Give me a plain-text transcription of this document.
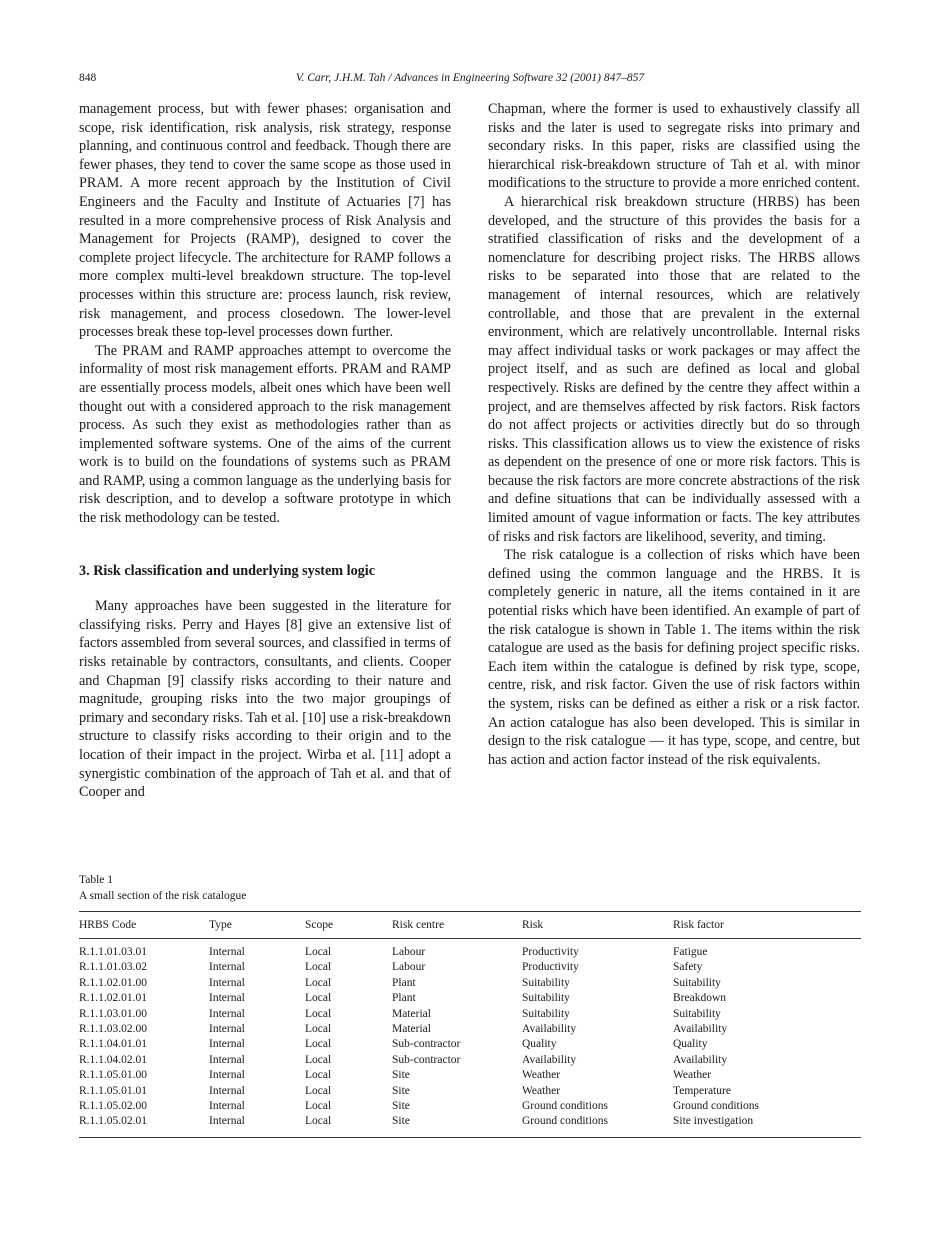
848	V. Carr, J.H.M. Tah / Advances in Engineering Software 32 (2001) 847–857

management process, but with fewer phases: organisation and scope, risk identification, risk analysis, risk strategy, response planning, and continuous control and feedback. Though there are fewer phases, they tend to cover the same scope as those used in PRAM. A more recent approach by the Institution of Civil Engineers and the Faculty and Institute of Actuaries [7] has resulted in a more comprehensive process of Risk Analysis and Management for Projects (RAMP), designed to cover the complete project lifecycle. The architecture for RAMP follows a more complex multi-level breakdown structure. The top-level processes within this structure are: process launch, risk review, risk management, and process closedown. The lower-level processes break these top-level processes down further.

The PRAM and RAMP approaches attempt to overcome the informality of most risk management efforts. PRAM and RAMP are essentially process models, albeit ones which have been well thought out with a considered approach to the risk management process. As such they exist as methodologies rather than as implemented software systems. One of the aims of the current work is to build on the foundations of systems such as PRAM and RAMP, using a common language as the underlying basis for risk description, and to develop a software prototype in which the risk methodology can be tested.

3. Risk classification and underlying system logic

Many approaches have been suggested in the literature for classifying risks. Perry and Hayes [8] give an extensive list of factors assembled from several sources, and classified in terms of risks retainable by contractors, consultants, and clients. Cooper and Chapman [9] classify risks according to their nature and magnitude, grouping risks into the two major groupings of primary and secondary risks. Tah et al. [10] use a risk-breakdown structure to classify risks according to their origin and to the location of their impact in the project. Wirba et al. [11] adopt a synergistic combination of the approach of Tah et al. and that of Cooper and

Chapman, where the former is used to exhaustively classify all risks and the later is used to segregate risks into primary and secondary risks. In this paper, risks are classified using the hierarchical risk-breakdown structure of Tah et al. with minor modifications to the structure to provide a more enriched content.

A hierarchical risk breakdown structure (HRBS) has been developed, and the structure of this provides the basis for a stratified classification of risks and the development of a nomenclature for describing project risks. The HRBS allows risks to be separated into those that are related to the management of internal resources, which are relatively controllable, and those that are prevalent in the external environment, which are relatively uncontrollable. Internal risks may affect individual tasks or work packages or may affect the project itself, and as such are defined as local and global respectively. Risks are defined by the centre they affect within a project, and are themselves affected by risk factors. Risk factors do not affect projects or activities directly but do so through risks. This classification allows us to view the existence of risks as dependent on the presence of one or more risk factors. This is because the risk factors are more concrete abstractions of the risk and define situations that can be individually assessed with a limited amount of vague information or facts. The key attributes of risks and risk factors are likelihood, severity, and timing.

The risk catalogue is a collection of risks which have been defined using the common language and the HRBS. It is completely generic in nature, all the items contained in it are potential risks which have been identified. An example of part of the risk catalogue is shown in Table 1. The items within the risk catalogue are used as the basis for defining project specific risks. Each item within the catalogue is defined by risk type, scope, centre, risk, and risk factor. Given the use of risk factors within the system, risks can be defined as either a risk or a risk factor. An action catalogue has also been developed. This is similar in design to the risk catalogue — it has type, scope, and centre, but has action and action factor instead of the risk equivalents.

Table 1
A small section of the risk catalogue
HRBS Code	Type	Scope	Risk centre	Risk	Risk factor
R.1.1.01.03.01	Internal	Local	Labour	Productivity	Fatigue
R.1.1.01.03.02	Internal	Local	Labour	Productivity	Safety
R.1.1.02.01.00	Internal	Local	Plant	Suitability	Suitability
R.1.1.02.01.01	Internal	Local	Plant	Suitability	Breakdown
R.1.1.03.01.00	Internal	Local	Material	Suitability	Suitability
R.1.1.03.02.00	Internal	Local	Material	Availability	Availability
R.1.1.04.01.01	Internal	Local	Sub-contractor	Quality	Quality
R.1.1.04.02.01	Internal	Local	Sub-contractor	Availability	Availability
R.1.1.05.01.00	Internal	Local	Site	Weather	Weather
R.1.1.05.01.01	Internal	Local	Site	Weather	Temperature
R.1.1.05.02.00	Internal	Local	Site	Ground conditions	Ground conditions
R.1.1.05.02.01	Internal	Local	Site	Ground conditions	Site investigation
